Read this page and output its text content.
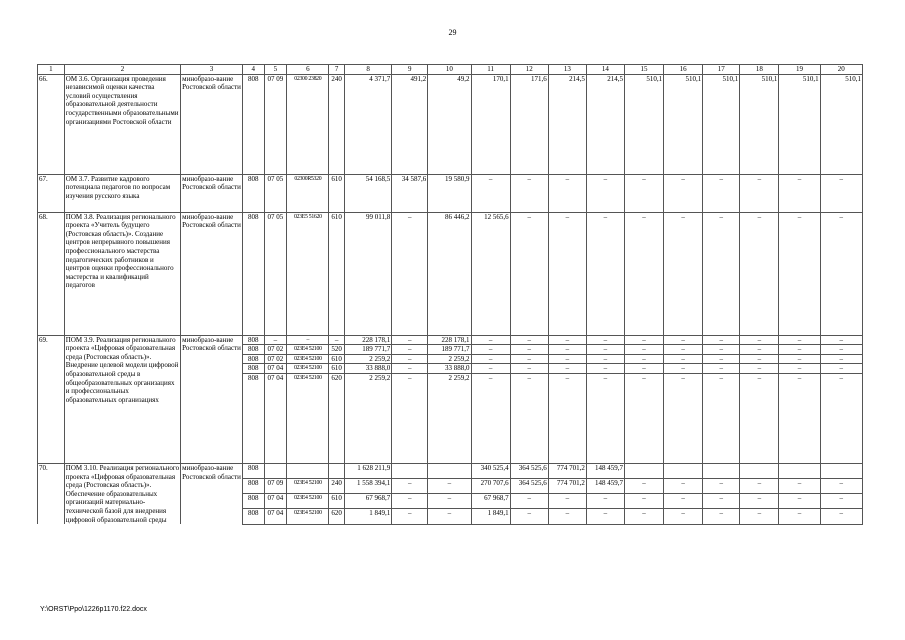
29
1	2	3	4	5	6	7	8	9	10	11	12	13	14	15	16	17	18	19	20
66.	ОМ 3.6. Организация проведения независимой оценки качества условий осуществления образовательной деятельности государственными образовательными организациями Ростовской области	минобразо-вание Ростовской области	808	07 09	02300 23820	240	4 371,7	491,2	49,2	170,1	171,6	214,5	214,5	510,1	510,1	510,1	510,1	510,1	510,1
67.	ОМ 3.7. Развитие кадрового потенциала педагогов по вопросам изучения русского языка	минобразо-вание Ростовской области	808	07 05	02300R5320	610	54 168,5	34 587,6	19 580,9	–	–	–	–	–	–	–	–	–	–
68.	ПОМ 3.8. Реализация регионального проекта «Учитель будущего (Ростовская область)». Создание центров непрерывного повышения профессионального мастерства педагогических работников и центров оценки профессионального мастерства и квалификаций педагогов	минобразо-вание Ростовской области	808	07 05	023E5 51620	610	99 011,8	–	86 446,2	12 565,6	–	–	–	–	–	–	–	–	–
69.	ПОМ 3.9. Реализация регионального проекта «Цифровая образовательная среда (Ростовская область)». Внедрение целевой модели цифровой образовательной среды в общеобразовательных организациях и профессиональных образовательных организациях	минобразо-вание Ростовской области	808	–	–	–	228 178,1	–	228 178,1	–	–	–	–	–	–	–	–	–	–
			808	07 02	023E4 52100	520	189 771,7	–	189 771,7	–	–	–	–	–	–	–	–	–	–
			808	07 02	023E4 52100	610	2 259,2	–	2 259,2	–	–	–	–	–	–	–	–	–	–
			808	07 04	023E4 52100	610	33 888,0	–	33 888,0	–	–	–	–	–	–	–	–	–	–
			808	07 04	023E4 52100	620	2 259,2	–	2 259,2	–	–	–	–	–	–	–	–	–	–
70.	ПОМ 3.10. Реализация регионального проекта «Цифровая образовательная среда (Ростовская область)». Обеспечение образовательных организаций материально-технической базой для внедрения цифровой образовательной среды	минобразо-вание Ростовской области	808				1 628 211,9			340 525,4	364 525,6	774 701,2	148 459,7						
			808	07 09	023E4 52100	240	1 558 394,1	–	–	270 707,6	364 525,6	774 701,2	148 459,7	–	–	–	–	–	–
			808	07 04	023E4 52100	610	67 968,7	–	–	67 968,7	–	–	–	–	–	–	–	–	–
			808	07 04	023E4 52100	620	1 849,1	–	–	1 849,1	–	–	–	–	–	–	–	–	–
Y:\ORST\Ppo\1226p1170.f22.docx
